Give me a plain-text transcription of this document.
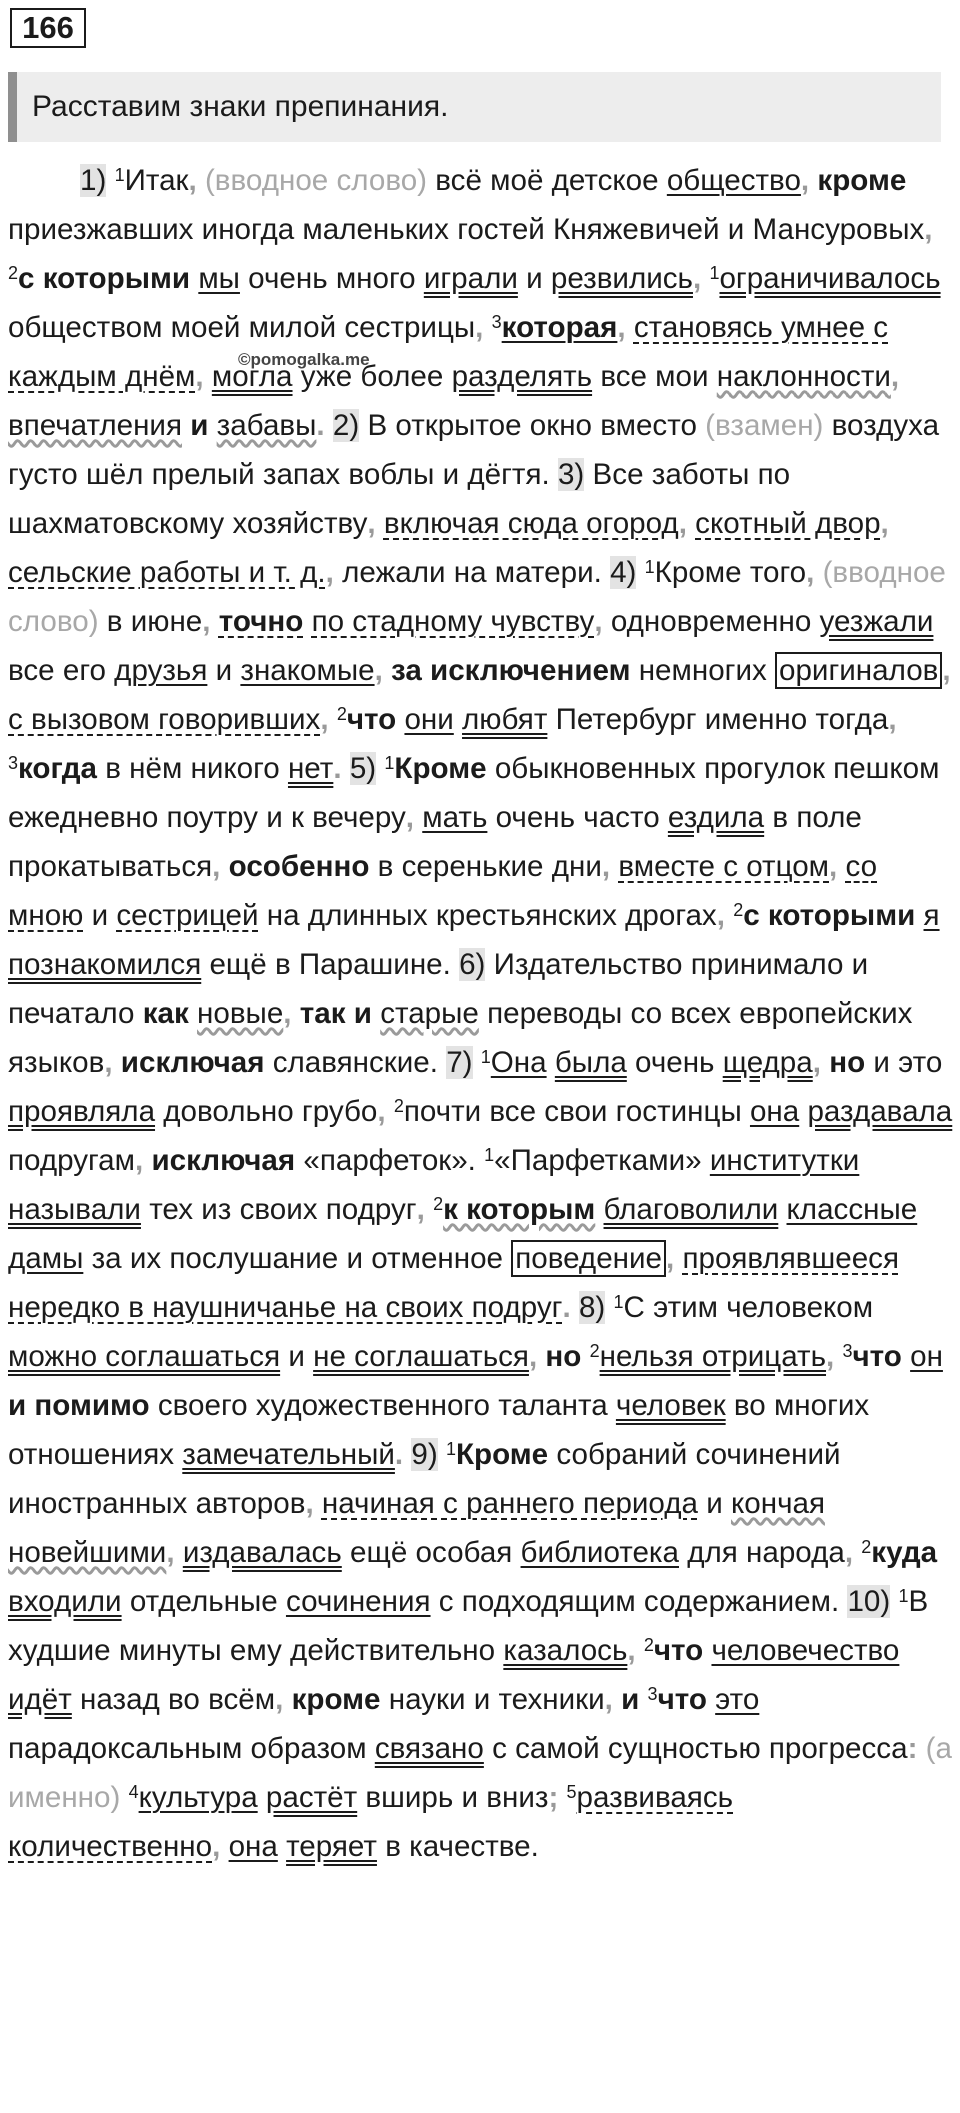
166
Расставим знаки препинания.
©pomogalka.me

1) $^1$Итак, (вводное слово) всё моё детское общество, кроме приезжавших иногда маленьких гостей Княжевичей и Мансуровых, $^2$с которыми мы очень много играли и резвились, $^1$ограничивалось обществом моей милой сестрицы, $^3$которая, становясь умнее с каждым днём, могла уже более разделять все мои наклонности, впечатления и забавы. 2) В открытое окно вместо (взамен) воздуха густо шёл прелый запах воблы и дёгтя. 3) Все заботы по шахматовскому хозяйству, включая сюда огород, скотный двор, сельские работы и т. д., лежали на матери. 4) $^1$Кроме того, (вводное слово) в июне, точно по стадному чувству, одновременно уезжали все его друзья и знакомые, за исключением немногих оригиналов , с вызовом говоривших, $^2$что они любят Петербург именно тогда, $^3$когда в нём никого нет. 5) $^1$Кроме обыкновенных прогулок пешком ежедневно поутру и к вечеру, мать очень часто ездила в поле прокатываться, особенно в серенькие дни, вместе с отцом, со мною и сестрицей на длинных крестьянских дрогах, $^2$с которыми я познакомился ещё в Парашине. 6) Издательство принимало и печатало как новые, так и старые переводы со всех европейских языков, исключая славянские. 7) $^1$Она была очень щедра, но и это проявляла довольно грубо, $^2$почти все свои гостинцы она раздавала подругам, исключая «парфеток». $^1$«Парфетками» институтки называли тех из своих подруг, $^2$к которым благоволили классные дамы за их послушание и отменное поведение , проявлявшееся нередко в наушничанье на своих подруг. 8) $^1$С этим человеком можно соглашаться и не соглашаться, но $^2$нельзя отрицать, $^3$что он и помимо своего художественного таланта человек во многих отношениях замечательный. 9) $^1$Кроме собраний сочинений иностранных авторов, начиная с раннего периода и кончая новейшими, издавалась ещё особая библиотека для народа, $^2$куда входили отдельные сочинения с подходящим содержанием. 10) $^1$В худшие минуты ему действительно казалось, $^2$что человечество идёт назад во всём, кроме науки и техники, и $^3$что это парадоксальным образом связано с самой сущностью прогресса: (а именно) $^4$культура растёт вширь и вниз; $^5$развиваясь количественно, она теряет в качестве.
